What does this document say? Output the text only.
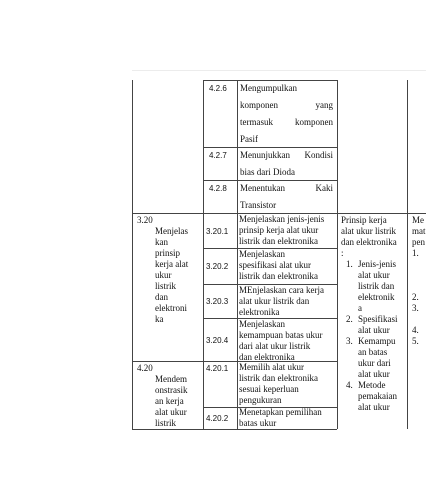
4.2.6 Mengumpulkan
komponen	yang
termasuk komponen
Pasif
4.2.7 Menunjukkan Kondisi
bias dari Dioda
4.2.8 Menentukan	Kaki
Transistor
3.20
Menjelas
kan
prinsip
kerja alat
ukur
listrik
dan
elektroni
ka
3.20.1
Menjelaskan jenis-jenis
prinsip kerja alat ukur
listrik dan elektronika
3.20.2
Menjelaskan
spesifikasi alat ukur
listrik dan elektronika
3.20.3
MEnjelaskan cara kerja
alat ukur listrik dan
elektronika
3.20.4
Menjelaskan
kemampuan batas ukur
dari alat ukur listrik
dan elektronika
Prinsip kerja
alat ukur listrik
dan elektronika
:
1. Jenis-jenis
alat ukur
listrik dan
elektronik
a
2. Spesifikasi
alat ukur
3. Kemampu
an batas
ukur dari
alat ukur
4. Metode
pemakaian
alat ukur
Me
mat
pen
1.
2.
3.
4.
5.
4.20
Mendem
onstrasik
an kerja
alat ukur
listrik
4.20.1 Memilih alat ukur
listrik dan elektronika
sesuai keperluan
pengukuran
4.20.2
Menetapkan pemilihan
batas ukur
